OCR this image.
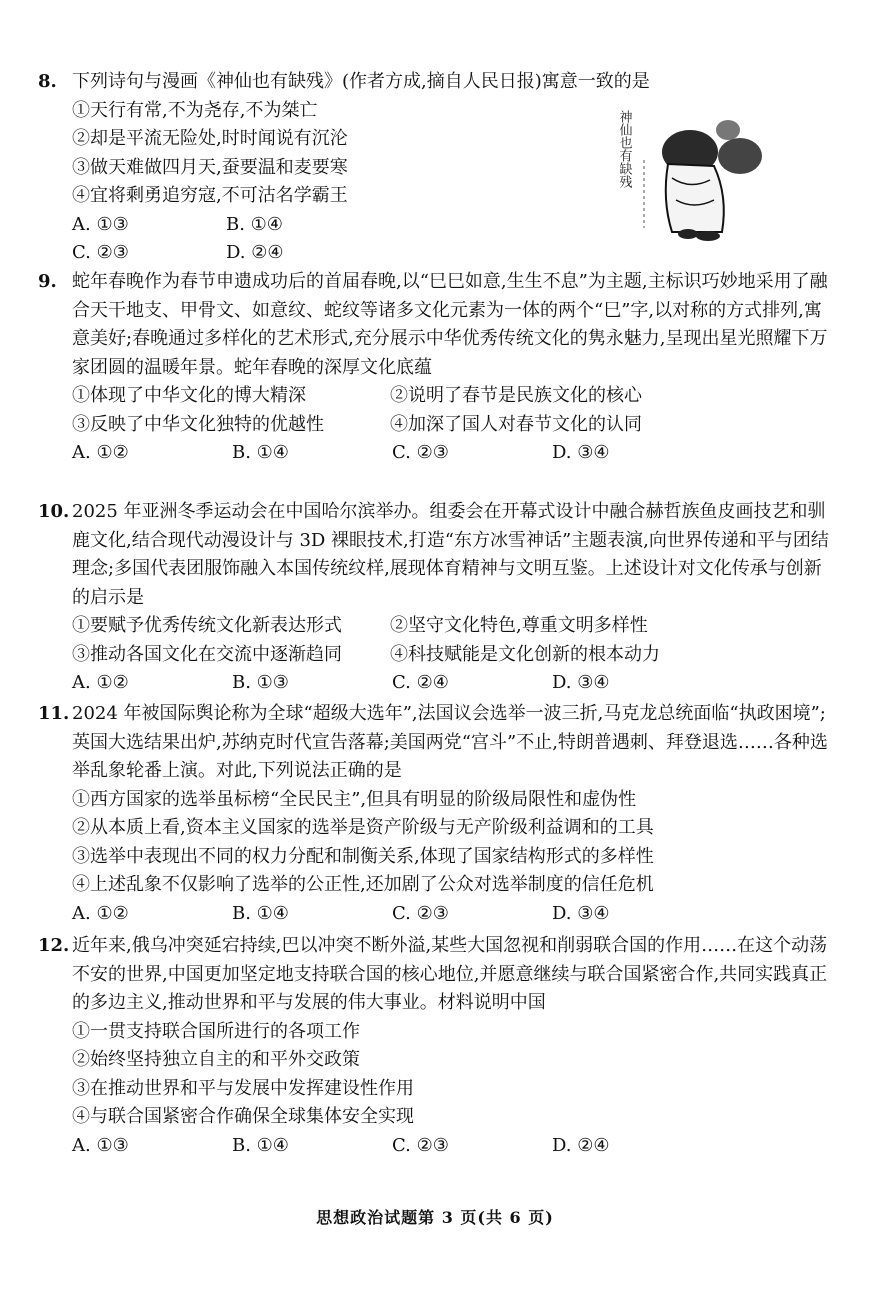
8. 下列诗句与漫画《神仙也有缺残》(作者方成,摘自人民日报)寓意一致的是
①天行有常,不为尧存,不为桀亡
②却是平流无险处,时时闻说有沉沦
③做天难做四月天,蚕要温和麦要寒
④宜将剩勇追穷寇,不可沽名学霸王
A. ①③	B. ①④
C. ②③	D. ②④
神仙也有缺残
9. 蛇年春晚作为春节申遗成功后的首届春晚,以“巳巳如意,生生不息”为主题,主标识巧妙地采用了融合天干地支、甲骨文、如意纹、蛇纹等诸多文化元素为一体的两个“巳”字,以对称的方式排列,寓意美好;春晚通过多样化的艺术形式,充分展示中华优秀传统文化的隽永魅力,呈现出星光照耀下万家团圆的温暖年景。蛇年春晚的深厚文化底蕴
①体现了中华文化的博大精深	②说明了春节是民族文化的核心
③反映了中华文化独特的优越性	④加深了国人对春节文化的认同
A. ①②	B. ①④	C. ②③	D. ③④
10. 2025 年亚洲冬季运动会在中国哈尔滨举办。组委会在开幕式设计中融合赫哲族鱼皮画技艺和驯鹿文化,结合现代动漫设计与 3D 裸眼技术,打造“东方冰雪神话”主题表演,向世界传递和平与团结理念;多国代表团服饰融入本国传统纹样,展现体育精神与文明互鉴。上述设计对文化传承与创新的启示是
①要赋予优秀传统文化新表达形式	②坚守文化特色,尊重文明多样性
③推动各国文化在交流中逐渐趋同	④科技赋能是文化创新的根本动力
A. ①②	B. ①③	C. ②④	D. ③④
11. 2024 年被国际舆论称为全球“超级大选年”,法国议会选举一波三折,马克龙总统面临“执政困境”;英国大选结果出炉,苏纳克时代宣告落幕;美国两党“宫斗”不止,特朗普遇刺、拜登退选……各种选举乱象轮番上演。对此,下列说法正确的是
①西方国家的选举虽标榜“全民民主”,但具有明显的阶级局限性和虚伪性
②从本质上看,资本主义国家的选举是资产阶级与无产阶级利益调和的工具
③选举中表现出不同的权力分配和制衡关系,体现了国家结构形式的多样性
④上述乱象不仅影响了选举的公正性,还加剧了公众对选举制度的信任危机
A. ①②	B. ①④	C. ②③	D. ③④
12. 近年来,俄乌冲突延宕持续,巴以冲突不断外溢,某些大国忽视和削弱联合国的作用……在这个动荡不安的世界,中国更加坚定地支持联合国的核心地位,并愿意继续与联合国紧密合作,共同实践真正的多边主义,推动世界和平与发展的伟大事业。材料说明中国
①一贯支持联合国所进行的各项工作
②始终坚持独立自主的和平外交政策
③在推动世界和平与发展中发挥建设性作用
④与联合国紧密合作确保全球集体安全实现
A. ①③	B. ①④	C. ②③	D. ②④
思想政治试题第 3 页(共 6 页)
